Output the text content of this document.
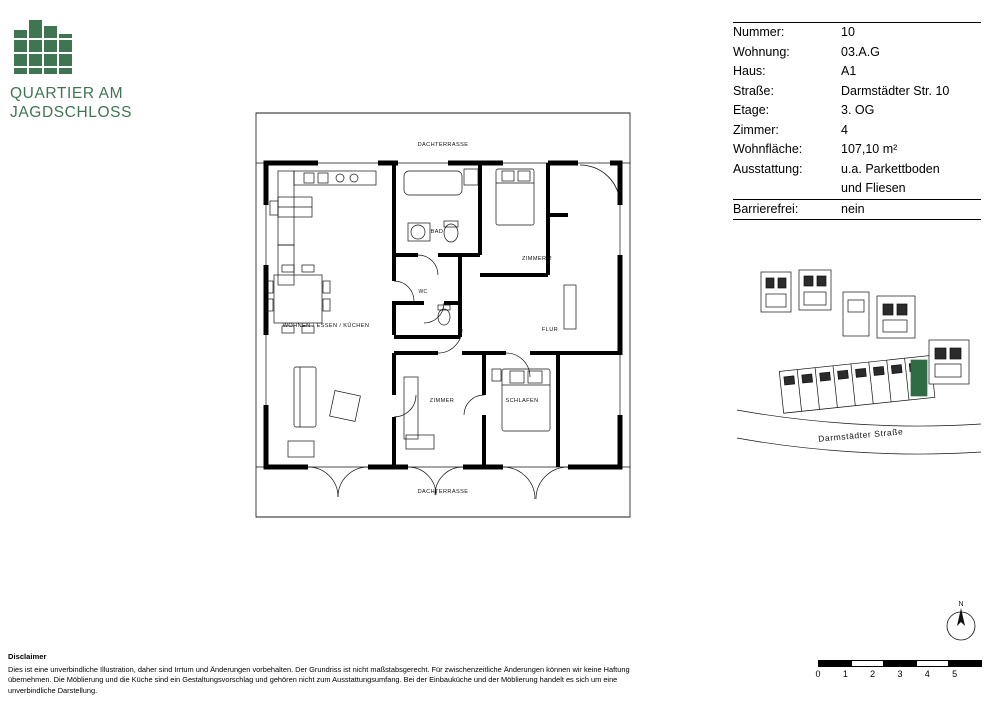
QUARTIER AM
JAGDSCHLOSS
Nummer:	10
Wohnung:	03.A.G
Haus:	A1
Straße:	Darmstädter Str. 10
Etage:	3. OG
Zimmer:	4
Wohnfläche:	107,10 m²
Ausstattung:	u.a. Parkettboden
	und Fliesen
Barrierefrei:	nein
Darmstädter Straße
N
0	1	2	3	4	5
Disclaimer
Dies ist eine unverbindliche Illustration, daher sind Irrtum und Änderungen vorbehalten. Der Grundriss ist nicht maßstabsgerecht. Für zwischenzeitliche Änderungen können wir keine Haftung übernehmen. Die Möblierung und die Küche sind ein Gestaltungsvorschlag und gehören nicht zum Ausstattungsumfang. Bei der Einbauküche und der Möblierung handelt es sich um eine unverbindliche Darstellung.
DACHTERRASSE
DACHTERRASSE
WOHNEN / ESSEN / KÜCHEN
BAD
WC
ZIMMER 2
FLUR
ZIMMER	SCHLAFEN
